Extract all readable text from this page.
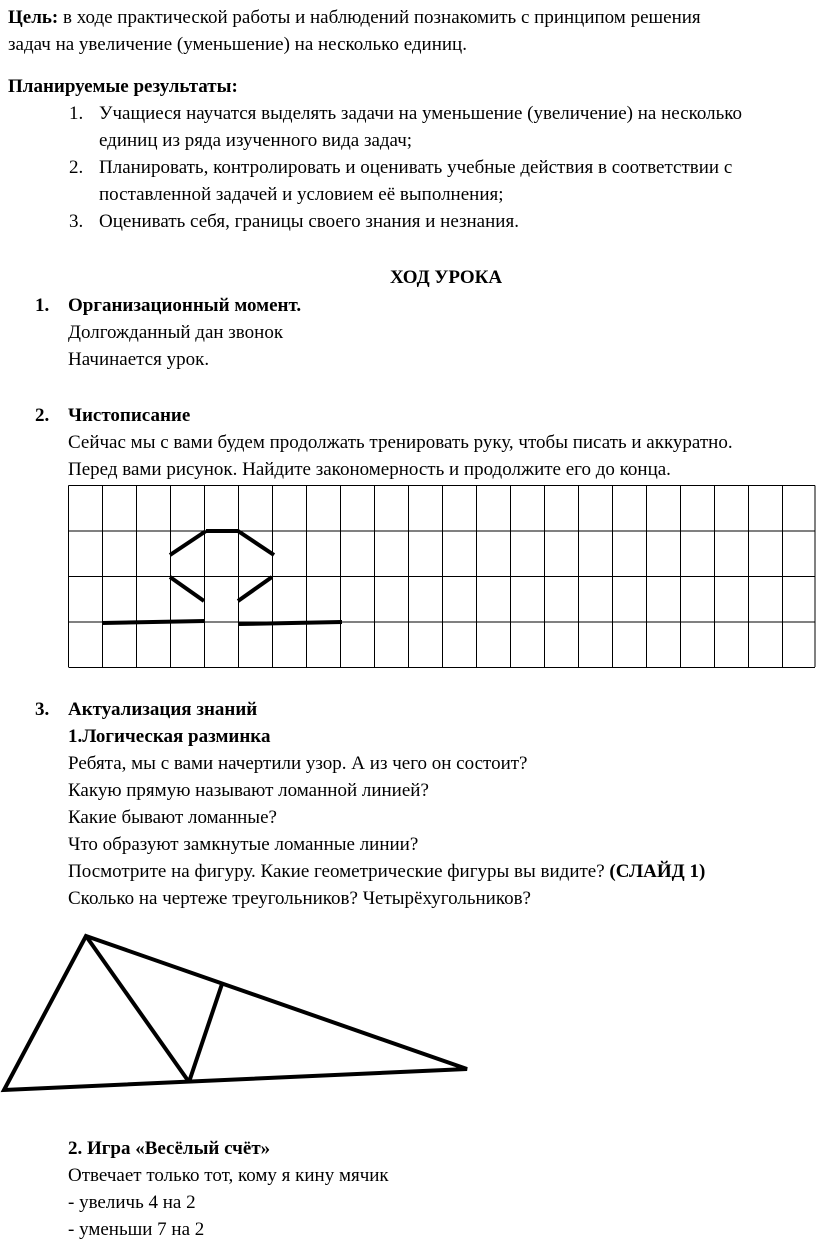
Цель: в ходе практической работы и наблюдений познакомить с принципом решения
задач на увеличение (уменьшение) на несколько единиц.
Планируемые результаты:
1. Учащиеся научатся выделять задачи на уменьшение (увеличение) на несколько
единиц из ряда изученного вида задач;
2. Планировать, контролировать и оценивать учебные действия в соответствии с
поставленной задачей и условием её выполнения;
3. Оценивать себя, границы своего знания и незнания.
ХОД УРОКА
1. Организационный момент.
Долгожданный дан звонок
Начинается урок.
2. Чистописание
Сейчас мы с вами будем продолжать тренировать руку, чтобы писать и аккуратно.
Перед вами рисунок. Найдите закономерность и продолжите его до конца.
3. Актуализация знаний
1.Логическая разминка
Ребята, мы с вами начертили узор. А из чего он состоит?
Какую прямую называют ломанной линией?
Какие бывают ломанные?
Что образуют замкнутые ломанные линии?
Посмотрите на фигуру. Какие геометрические фигуры вы видите? (СЛАЙД 1)
Сколько на чертеже треугольников? Четырёхугольников?
2. Игра «Весёлый счёт»
Отвечает только тот, кому я кину мячик
- увеличь 4 на 2
- уменьши 7 на 2
